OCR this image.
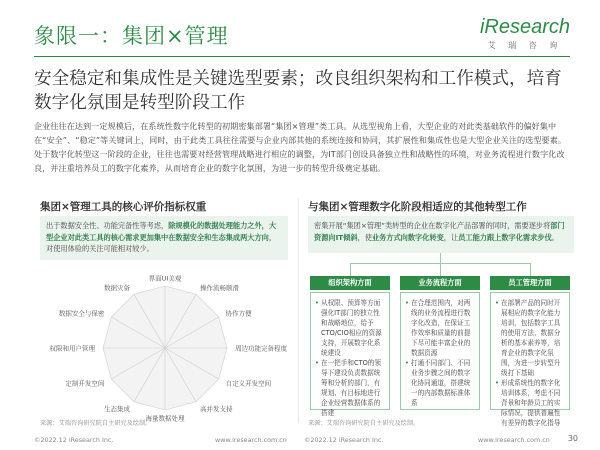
象限一：集团×管理	iResearch
艾 瑞 咨 询
安全稳定和集成性是关键选型要素；改良组织架构和工作模式，培育数字化氛围是转型阶段工作
企业往往在达到一定规模后，在系统性数字化转型的初期密集部署“集团×管理”类工具。从选型视角上看，大型企业的对此类基础软件的偏好集中在“安全”、“稳定”等关键词上，同时，由于此类工具往往需要与企业内部其他的系统连接和协同，其扩展性和集成性也是大型企业关注的选型要素。处于数字化转型这一阶段的企业，往往也需要对经营管理战略进行相应的调整，为IT部门创设具备独立性和战略性的环境，对业务流程进行数字化改良，并注重培养员工的数字化素养，从而培育企业的数字化氛围，为进一步的转型升级奠定基础。
集团×管理工具的核心评价指标权重
出于数据安全性、功能完备性等考虑，除规模化的数据处理能力之外，大型企业对此类工具的核心需求更加集中在数据安全和生态集成两大方向，对使用体验的关注可能相对较少。
界面UI美观
操作流畅顺滑
协作方便
周边功能完备程度
自定义开发空间
高并发支持
海量数据处理
生态集成
定制开发空间
权限和用户管理
数据安全与保密
数据灾备
与集团×管理数字化阶段相适应的其他转型工作
密集开展“集团×管理”类转型的企业在数字化产品部署的同时，需要逐步将部门资源向IT倾斜，使业务方式向数字化转变，让员工能力跟上数字化需求步伐。
组织架构方面	业务流程方面	员工管理方面
• 从权限、预算等方面强化IT部门的独立性和战略地位，给予CTO/CIO相应的资源支持，开展数字化系统建设
• 在一把手和CTO的领导下建设负责数据统筹和分析的部门，有规划、有目标地进行企业经营数据体系的搭建
• 在合理范围内，对两线的业务流程进行数字化改造，在保证工作效率和质量的前提下尽可能丰富企业的数据资源
• 打通不同部门、不同业务步骤之间的数字化协同通道，搭建统一的内部数据标准体系
• 在部署产品的同时开展相应的数字化能力培训，包括数字工具的使用方法、数据分析的基本素养等，培育企业的数字化氛围，为进一步转型升级打下基础
• 形成系统性的数字化培训体系，考虑不同背景和年龄员工的实际情况，提供普遍性有差异的数字化指导
来源：艾瑞咨询研究院自主研究及绘制。	来源：艾瑞咨询研究院自主研究及绘制。
©2022.12 iResearch Inc.	www.iresearch.com.cn	©2022.12 iResearch Inc.	www.iresearch.com.cn 30
